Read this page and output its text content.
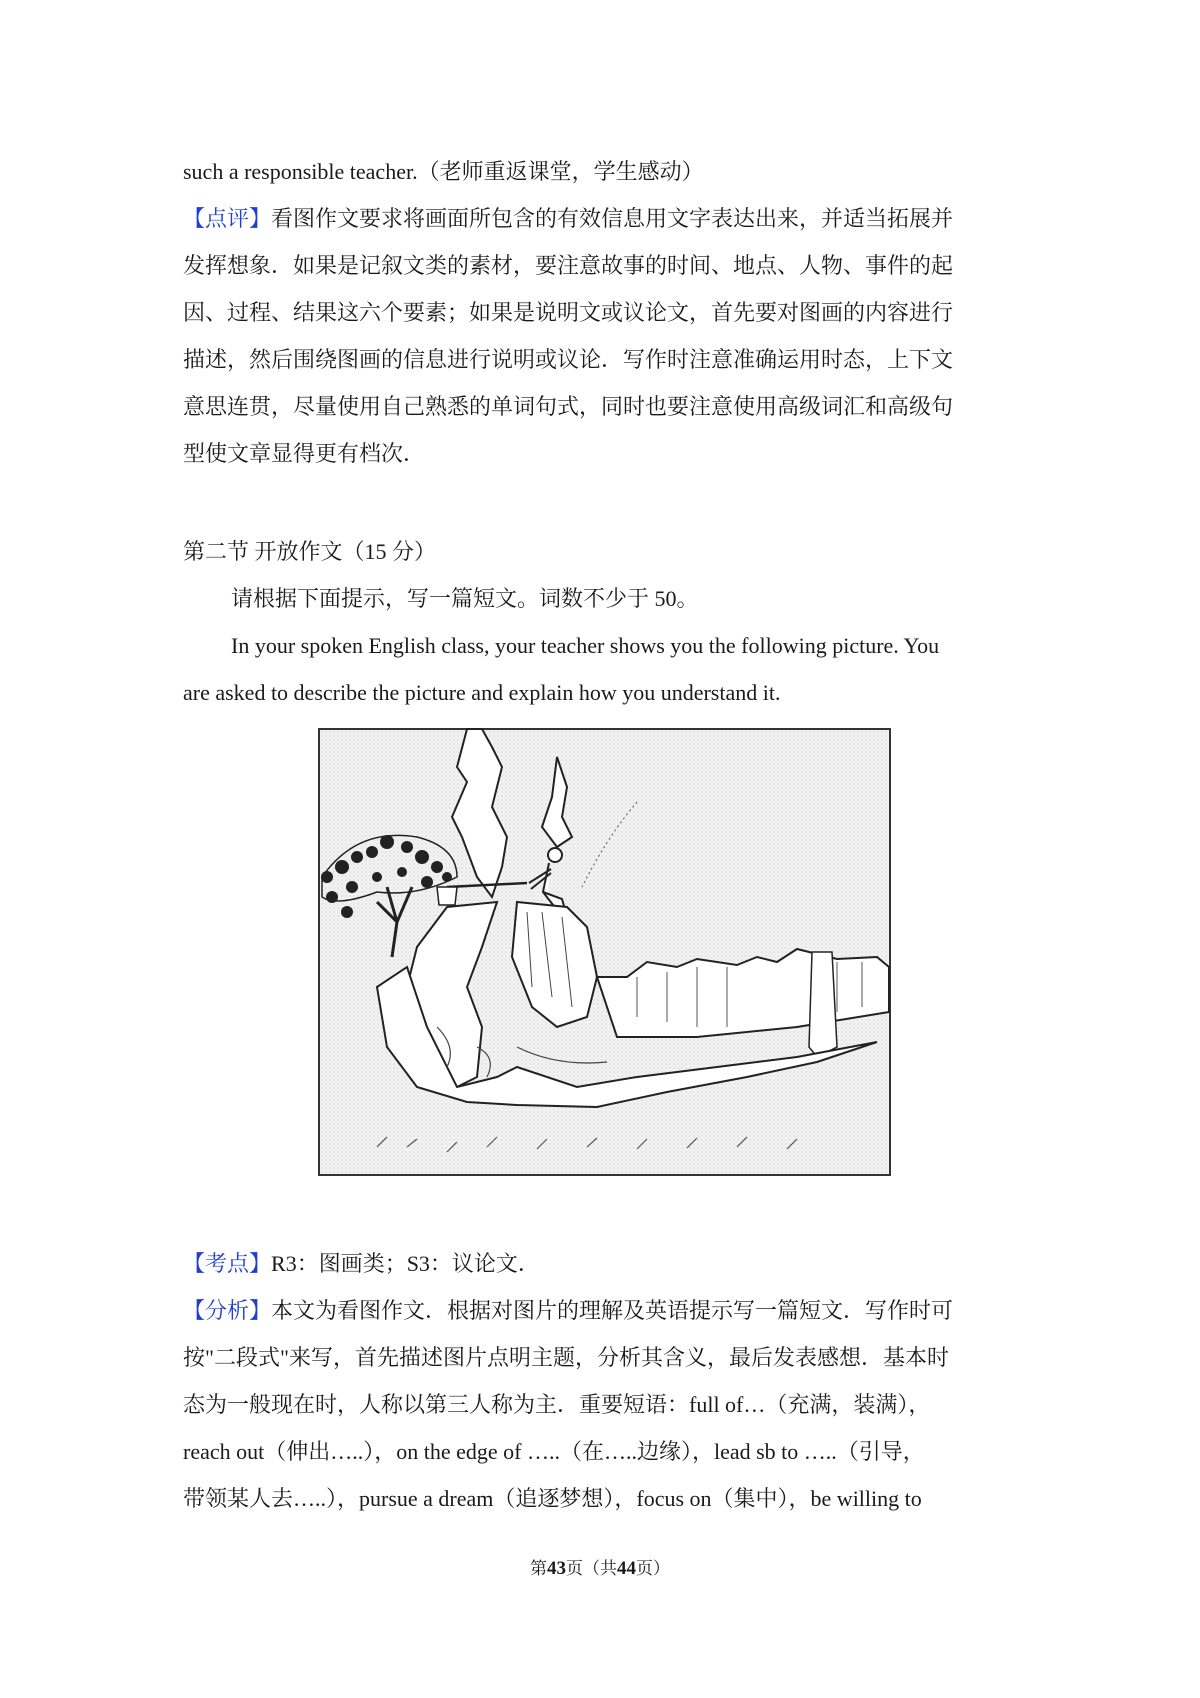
such a responsible teacher.（老师重返课堂，学生感动）
【点评】看图作文要求将画面所包含的有效信息用文字表达出来，并适当拓展并
发挥想象．如果是记叙文类的素材，要注意故事的时间、地点、人物、事件的起
因、过程、结果这六个要素；如果是说明文或议论文，首先要对图画的内容进行
描述，然后围绕图画的信息进行说明或议论．写作时注意准确运用时态，上下文
意思连贯，尽量使用自己熟悉的单词句式，同时也要注意使用高级词汇和高级句
型使文章显得更有档次．
第二节 开放作文（15 分）
请根据下面提示，写一篇短文。词数不少于 50。
In your spoken English class, your teacher shows you the following picture. You
are asked to describe the picture and explain how you understand it.
【考点】R3：图画类；S3：议论文．
【分析】本文为看图作文．根据对图片的理解及英语提示写一篇短文．写作时可
按"二段式"来写，首先描述图片点明主题，分析其含义，最后发表感想．基本时
态为一般现在时，人称以第三人称为主．重要短语：full of…（充满，装满），
reach out（伸出…..），on the edge of …..（在…..边缘），lead sb to …..（引导，
带领某人去…..），pursue a dream（追逐梦想），focus on（集中），be willing to
第43页（共44页）
